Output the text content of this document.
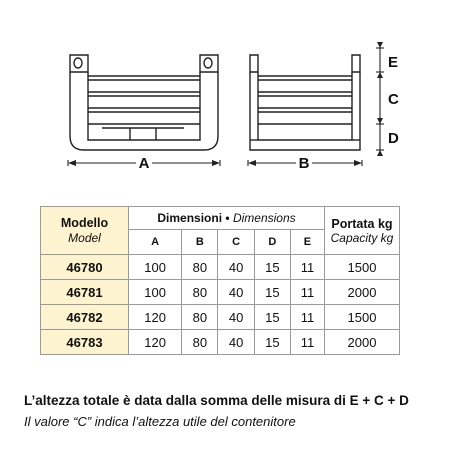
A	B
E
C
D
Modello
Model	Dimensioni • Dimensions					Portata kg
Capacity kg

	A	B	C	D	E	
46780	100	80	40	15	11	1500
46781	100	80	40	15	11	2000
46782	120	80	40	15	11	1500
46783	120	80	40	15	11	2000
L’altezza totale è data dalla somma delle misura di E + C + D
Il valore “C” indica l’altezza utile del contenitore
